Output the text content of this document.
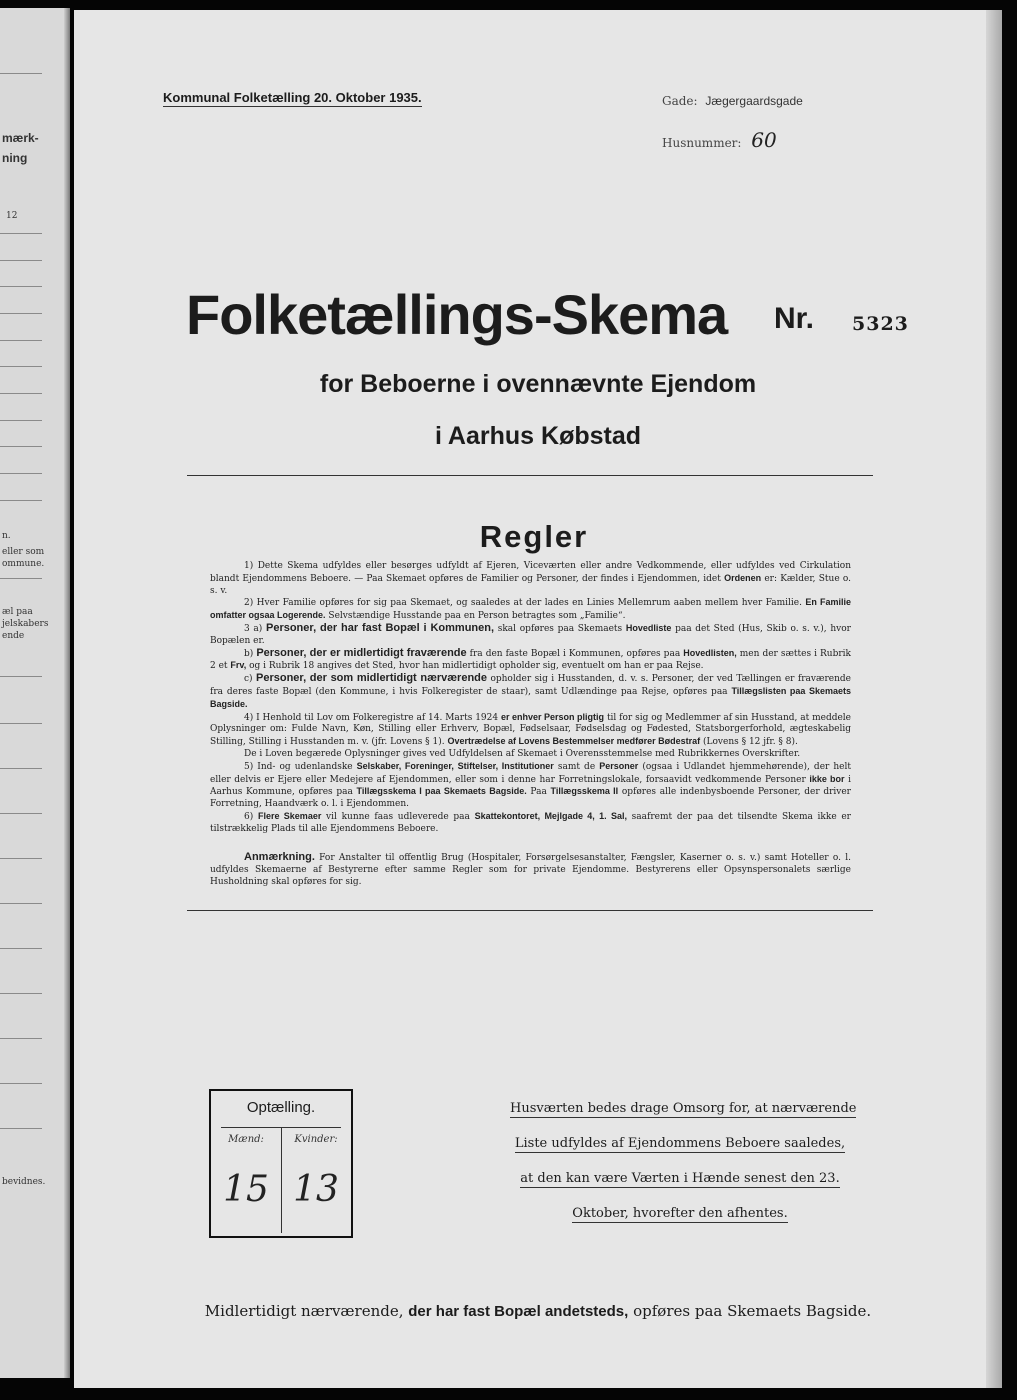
mærk-
ning
12
n.
eller som
ommune.
æl paa
jelskabers
ende
bevidnes.
Kommunal Folketælling 20. Oktober 1935.	Gade: Jægergaardsgade
Husnummer: 60
Folketællings-Skema Nr. 5323
for Beboerne i ovennævnte Ejendom
i Aarhus Købstad
Regler

1) Dette Skema udfyldes eller besørges udfyldt af Ejeren, Viceværten eller andre Vedkommende, eller udfyldes ved Cirkulation blandt Ejendommens Beboere. — Paa Skemaet opføres de Familier og Personer, der findes i Ejendommen, idet Ordenen er: Kælder, Stue o. s. v.

2) Hver Familie opføres for sig paa Skemaet, og saaledes at der lades en Linies Mellemrum aaben mellem hver Familie. En Familie omfatter ogsaa Logerende. Selvstændige Husstande paa en Person betragtes som „Familie“.

3 a) Personer, der har fast Bopæl i Kommunen, skal opføres paa Skemaets Hovedliste paa det Sted (Hus, Skib o. s. v.), hvor Bopælen er.

b) Personer, der er midlertidigt fraværende fra den faste Bopæl i Kommunen, opføres paa Hovedlisten, men der sættes i Rubrik 2 et Frv, og i Rubrik 18 angives det Sted, hvor han midlertidigt opholder sig, eventuelt om han er paa Rejse.

c) Personer, der som midlertidigt nærværende opholder sig i Husstanden, d. v. s. Personer, der ved Tællingen er fraværende fra deres faste Bopæl (den Kommune, i hvis Folkeregister de staar), samt Udlændinge paa Rejse, opføres paa Tillægslisten paa Skemaets Bagside.

4) I Henhold til Lov om Folkeregistre af 14. Marts 1924 er enhver Person pligtig til for sig og Medlemmer af sin Husstand, at meddele Oplysninger om: Fulde Navn, Køn, Stilling eller Erhverv, Bopæl, Fødselsaar, Fødselsdag og Fødested, Statsborgerforhold, ægteskabelig Stilling, Stilling i Husstanden m. v. (jfr. Lovens § 1). Overtrædelse af Lovens Bestemmelser medfører Bødestraf (Lovens § 12 jfr. § 8).

De i Loven begærede Oplysninger gives ved Udfyldelsen af Skemaet i Overensstemmelse med Rubrikkernes Overskrifter.

5) Ind- og udenlandske Selskaber, Foreninger, Stiftelser, Institutioner samt de Personer (ogsaa i Udlandet hjemmehørende), der helt eller delvis er Ejere eller Medejere af Ejendommen, eller som i denne har Forretningslokale, forsaavidt vedkommende Personer ikke bor i Aarhus Kommune, opføres paa Tillægsskema I paa Skemaets Bagside. Paa Tillægsskema II opføres alle indenbysboende Personer, der driver Forretning, Haandværk o. l. i Ejendommen.

6) Flere Skemaer vil kunne faas udleverede paa Skattekontoret, Mejlgade 4, 1. Sal, saafremt der paa det tilsendte Skema ikke er tilstrækkelig Plads til alle Ejendommens Beboere.

Anmærkning. For Anstalter til offentlig Brug (Hospitaler, Forsørgelsesanstalter, Fængsler, Kaserner o. s. v.) samt Hoteller o. l. udfyldes Skemaerne af Bestyrerne efter samme Regler som for private Ejendomme. Bestyrerens eller Opsynspersonalets særlige Husholdning skal opføres for sig.

Optælling.
Mænd:	Kvinder:
15 13
Husværten bedes drage Omsorg for, at nærværende
Liste udfyldes af Ejendommens Beboere saaledes,
at den kan være Værten i Hænde senest den 23.
Oktober, hvorefter den afhentes.
Midlertidigt nærværende, der har fast Bopæl andetsteds, opføres paa Skemaets Bagside.
